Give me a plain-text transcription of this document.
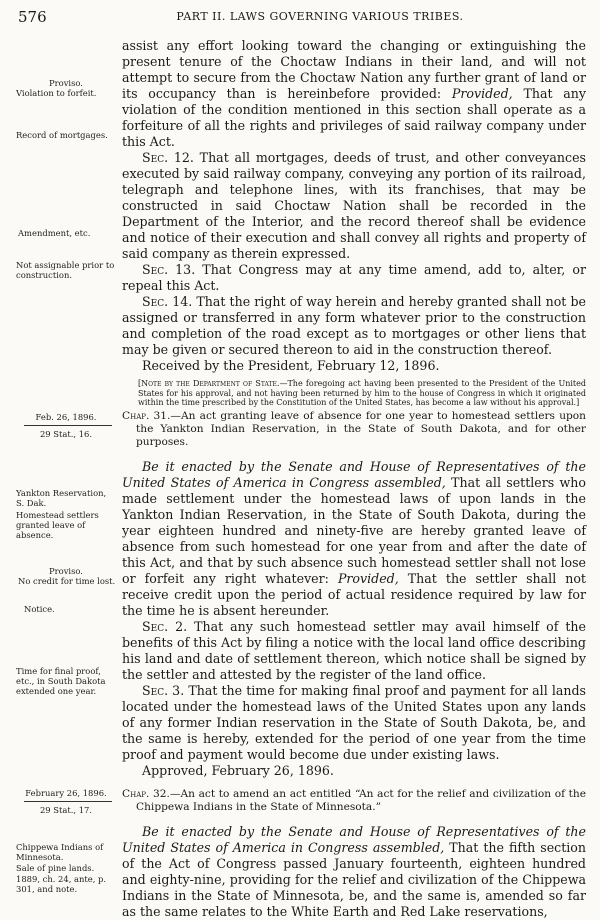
576	PART II. LAWS GOVERNING VARIOUS TRIBES.
Proviso.
Violation to forfeit.
Record of mortgages.
Amendment, etc.
Not assignable prior to construction.

assist any effort looking toward the changing or extinguishing the present tenure of the Choctaw Indians in their land, and will not attempt to secure from the Choctaw Nation any further grant of land or its occupancy than is hereinbefore provided: Provided, That any violation of the condition mentioned in this section shall operate as a forfeiture of all the rights and privileges of said railway company under this Act.

Sec. 12. That all mortgages, deeds of trust, and other conveyances executed by said railway company, conveying any portion of its railroad, telegraph and telephone lines, with its franchises, that may be constructed in said Choctaw Nation shall be recorded in the Department of the Interior, and the record thereof shall be evidence and notice of their execution and shall convey all rights and property of said company as therein expressed.

Sec. 13. That Congress may at any time amend, add to, alter, or repeal this Act.

Sec. 14. That the right of way herein and hereby granted shall not be assigned or transferred in any form whatever prior to the construction and completion of the road except as to mortgages or other liens that may be given or secured thereon to aid in the construction thereof.

Received by the President, February 12, 1896.

[Note by the Department of State.—The foregoing act having been presented to the President of the United States for his approval, and not having been returned by him to the house of Congress in which it originated within the time prescribed by the Constitution of the United States, has become a law without his approval.]

Feb. 26, 1896.
29 Stat., 16.
Yankton Reservation, S. Dak.
Homestead settlers granted leave of absence.
Proviso.
No credit for time lost.
Notice.
Time for final proof, etc., in South Dakota extended one year.

Chap. 31.—An act granting leave of absence for one year to homestead settlers upon the Yankton Indian Reservation, in the State of South Dakota, and for other purposes.

Be it enacted by the Senate and House of Representatives of the United States of America in Congress assembled, That all settlers who made settlement under the homestead laws of upon lands in the Yankton Indian Reservation, in the State of South Dakota, during the year eighteen hundred and ninety-five are hereby granted leave of absence from such homestead for one year from and after the date of this Act, and that by such absence such homestead settler shall not lose or forfeit any right whatever: Provided, That the settler shall not receive credit upon the period of actual residence required by law for the time he is absent hereunder.

Sec. 2. That any such homestead settler may avail himself of the benefits of this Act by filing a notice with the local land office describing his land and date of settlement thereon, which notice shall be signed by the settler and attested by the register of the land office.

Sec. 3. That the time for making final proof and payment for all lands located under the homestead laws of the United States upon any lands of any former Indian reservation in the State of South Dakota, be, and the same is hereby, extended for the period of one year from the time proof and payment would become due under existing laws.

Approved, February 26, 1896.

February 26, 1896.
29 Stat., 17.
Chippewa Indians of Minnesota.
Sale of pine lands.
1889, ch. 24, ante, p. 301, and note.

Chap. 32.—An act to amend an act entitled “An act for the relief and civilization of the Chippewa Indians in the State of Minnesota.”

Be it enacted by the Senate and House of Representatives of the United States of America in Congress assembled, That the fifth section of the Act of Congress passed January fourteenth, eighteen hundred and eighty-nine, providing for the relief and civilization of the Chippewa Indians in the State of Minnesota, be, and the same is, amended so far as the same relates to the White Earth and Red Lake reservations,
